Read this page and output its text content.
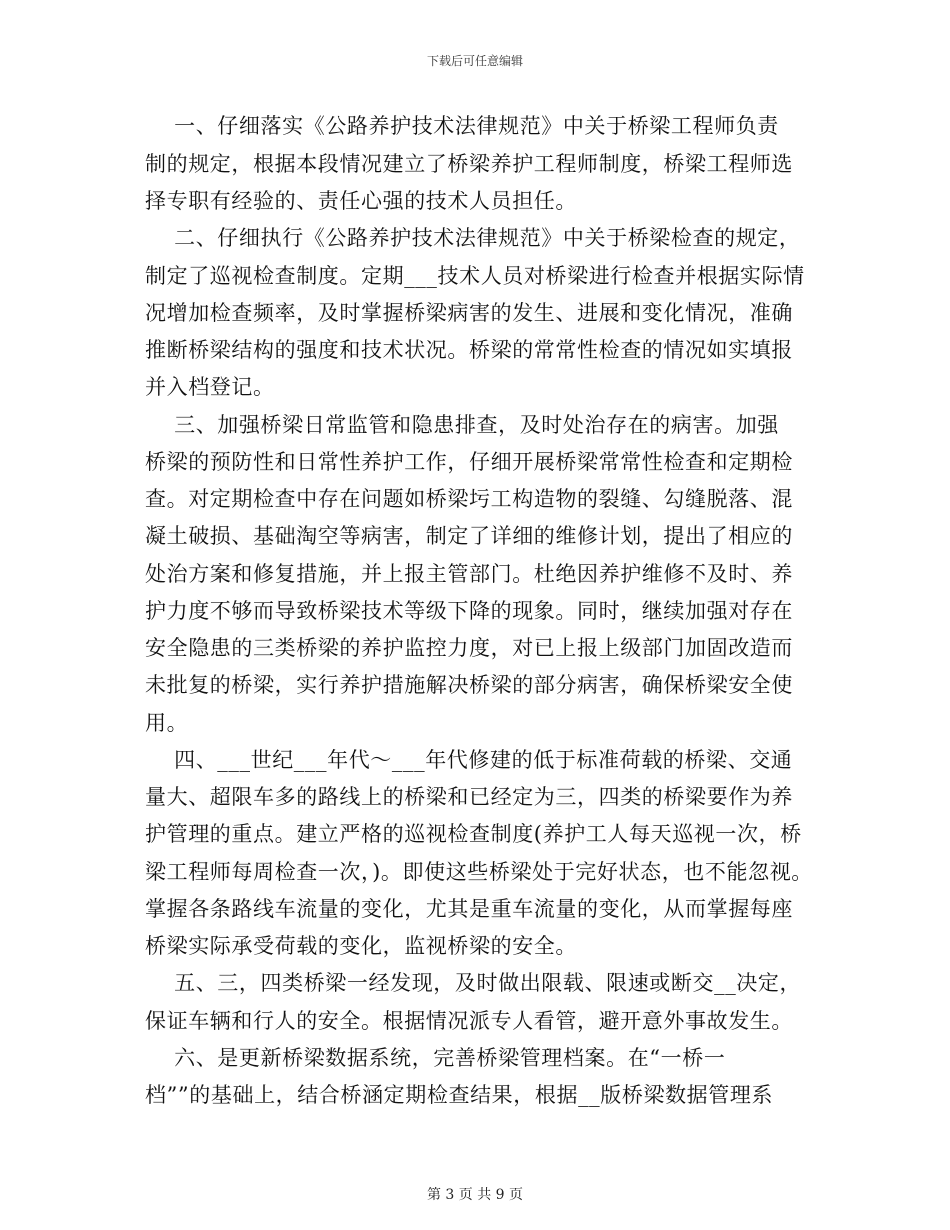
下载后可任意编辑
一、仔细落实《公路养护技术法律规范》中关于桥梁工程师负责
制的规定，根据本段情况建立了桥梁养护工程师制度，桥梁工程师选
择专职有经验的、责任心强的技术人员担任。
二、仔细执行《公路养护技术法律规范》中关于桥梁检查的规定，
制定了巡视检查制度。定期___技术人员对桥梁进行检查并根据实际情
况增加检查频率，及时掌握桥梁病害的发生、进展和变化情况，准确
推断桥梁结构的强度和技术状况。桥梁的常常性检查的情况如实填报
并入档登记。
三、加强桥梁日常监管和隐患排查，及时处治存在的病害。加强
桥梁的预防性和日常性养护工作，仔细开展桥梁常常性检查和定期检
查。对定期检查中存在问题如桥梁圬工构造物的裂缝、勾缝脱落、混
凝土破损、基础淘空等病害，制定了详细的维修计划，提出了相应的
处治方案和修复措施，并上报主管部门。杜绝因养护维修不及时、养
护力度不够而导致桥梁技术等级下降的现象。同时，继续加强对存在
安全隐患的三类桥梁的养护监控力度，对已上报上级部门加固改造而
未批复的桥梁，实行养护措施解决桥梁的部分病害，确保桥梁安全使
用。
四、___世纪___年代～___年代修建的低于标准荷载的桥梁、交通
量大、超限车多的路线上的桥梁和已经定为三，四类的桥梁要作为养
护管理的重点。建立严格的巡视检查制度(养护工人每天巡视一次，桥
梁工程师每周检查一次，)。即使这些桥梁处于完好状态，也不能忽视。
掌握各条路线车流量的变化，尤其是重车流量的变化，从而掌握每座
桥梁实际承受荷载的变化，监视桥梁的安全。
五、三，四类桥梁一经发现，及时做出限载、限速或断交__决定，
保证车辆和行人的安全。根据情况派专人看管，避开意外事故发生。
六、是更新桥梁数据系统，完善桥梁管理档案。在“一桥一
档””的基础上，结合桥涵定期检查结果，根据__版桥梁数据管理系
第 3 页 共 9 页
